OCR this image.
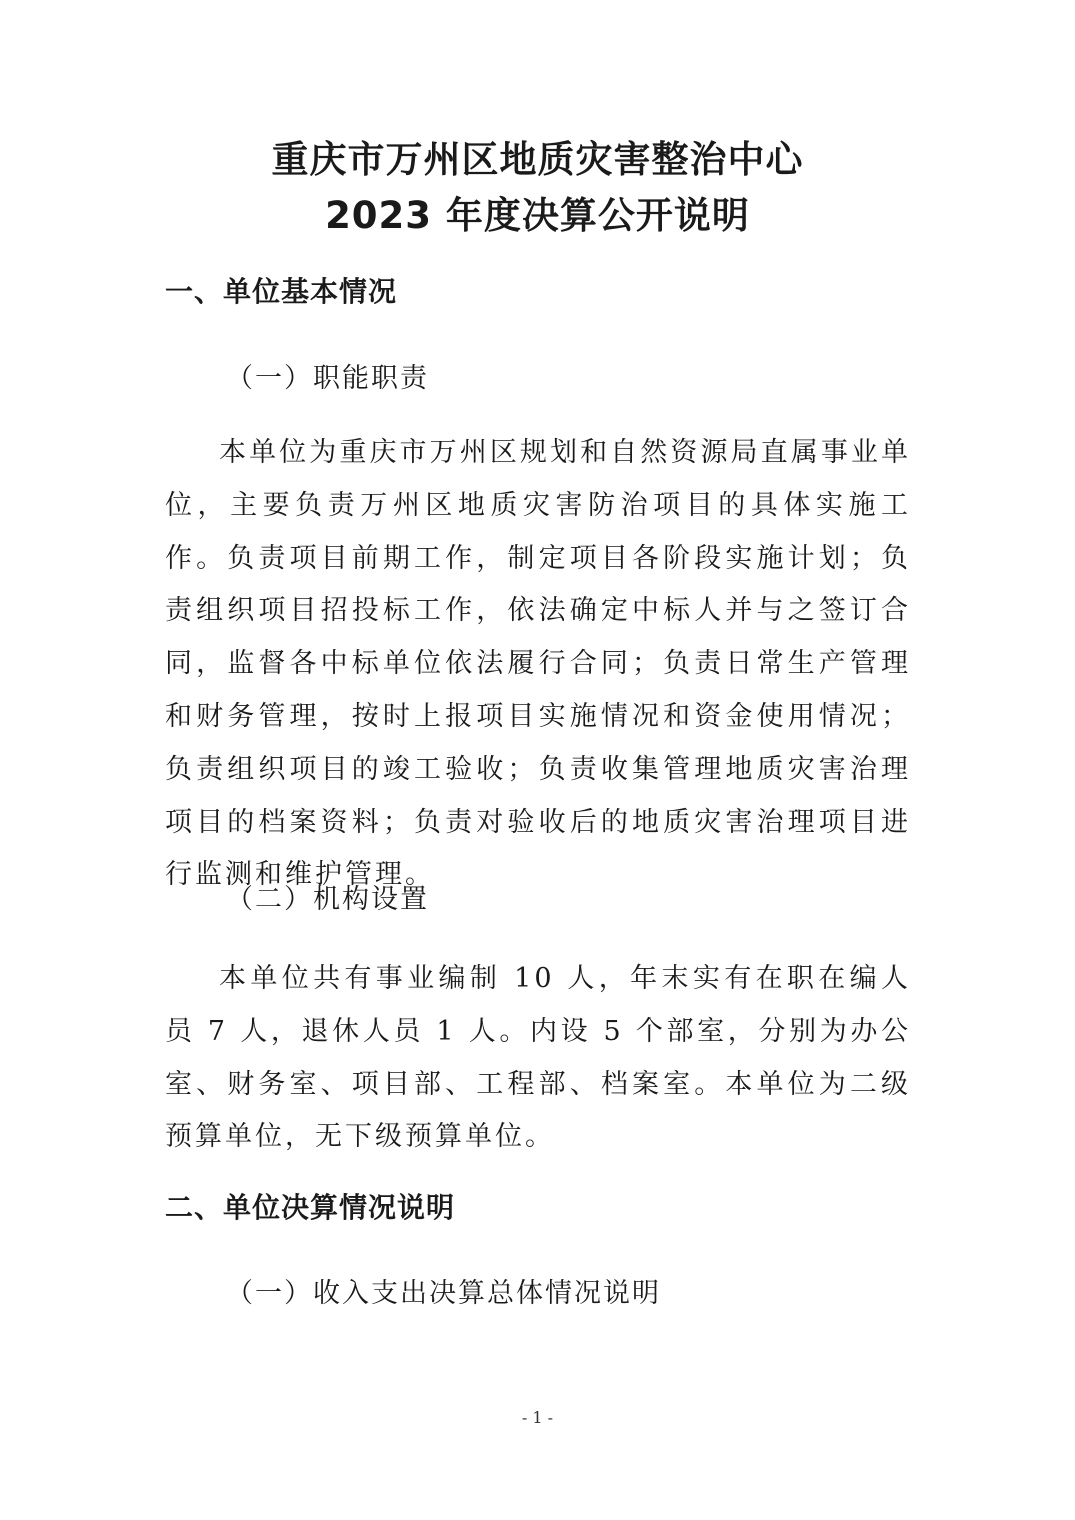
重庆市万州区地质灾害整治中心
2023 年度决算公开说明
一、单位基本情况
（一）职能职责

本单位为重庆市万州区规划和自然资源局直属事业单位，主要负责万州区地质灾害防治项目的具体实施工作。负责项目前期工作，制定项目各阶段实施计划；负责组织项目招投标工作，依法确定中标人并与之签订合同，监督各中标单位依法履行合同；负责日常生产管理和财务管理，按时上报项目实施情况和资金使用情况；负责组织项目的竣工验收；负责收集管理地质灾害治理项目的档案资料；负责对验收后的地质灾害治理项目进行监测和维护管理。

（二）机构设置

本单位共有事业编制 10 人，年末实有在职在编人员 7 人，退休人员 1 人。内设 5 个部室，分别为办公室、财务室、项目部、工程部、档案室。本单位为二级预算单位，无下级预算单位。

二、单位决算情况说明
（一）收入支出决算总体情况说明
- 1 -
